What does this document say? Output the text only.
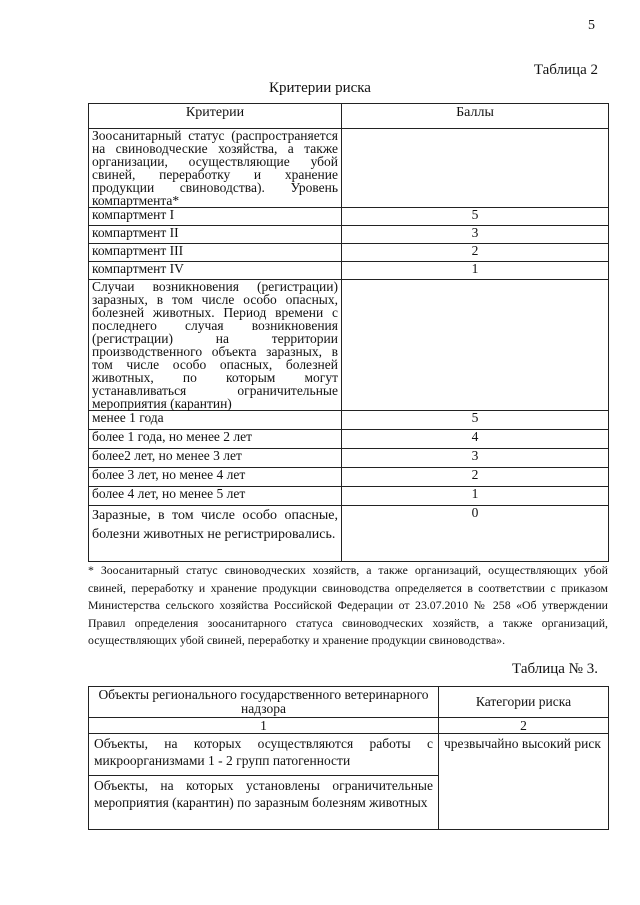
5
Таблица 2
Критерии риска
Критерии	Баллы
Зоосанитарный статус (распространяется на свиноводческие хозяйства, а также организации, осуществляющие убой свиней, переработку и хранение продукции свиноводства). Уровень компартмента*	
компартмент I	5
компартмент II	3
компартмент III	2
компартмент IV	1
Случаи возникновения (регистрации) заразных, в том числе особо опасных, болезней животных. Период времени с последнего случая возникновения (регистрации) на территории производственного объекта заразных, в том числе особо опасных, болезней животных, по которым могут устанавливаться ограничительные мероприятия (карантин)	
менее 1 года	5
более 1 года, но менее 2 лет	4
более2 лет, но менее 3 лет	3
более 3 лет, но менее 4 лет	2
более 4 лет, но менее 5 лет	1
Заразные, в том числе особо опасные, болезни животных не регистрировались.	0
* Зоосанитарный статус свиноводческих хозяйств, а также организаций, осуществляющих убой свиней, переработку и хранение продукции свиноводства определяется в соответствии с приказом Министерства сельского хозяйства Российской Федерации от 23.07.2010 № 258 «Об утверждении Правил определения зоосанитарного статуса свиноводческих хозяйств, а также организаций, осуществляющих убой свиней, переработку и хранение продукции свиноводства».
Таблица № 3.
Объекты регионального государственного ветеринарного надзора	Категории риска
1	2
Объекты, на которых осуществляются работы с микроорганизмами 1 - 2 групп патогенности	чрезвычайно высокий риск
Объекты, на которых установлены ограничительные мероприятия (карантин) по заразным болезням животных	
